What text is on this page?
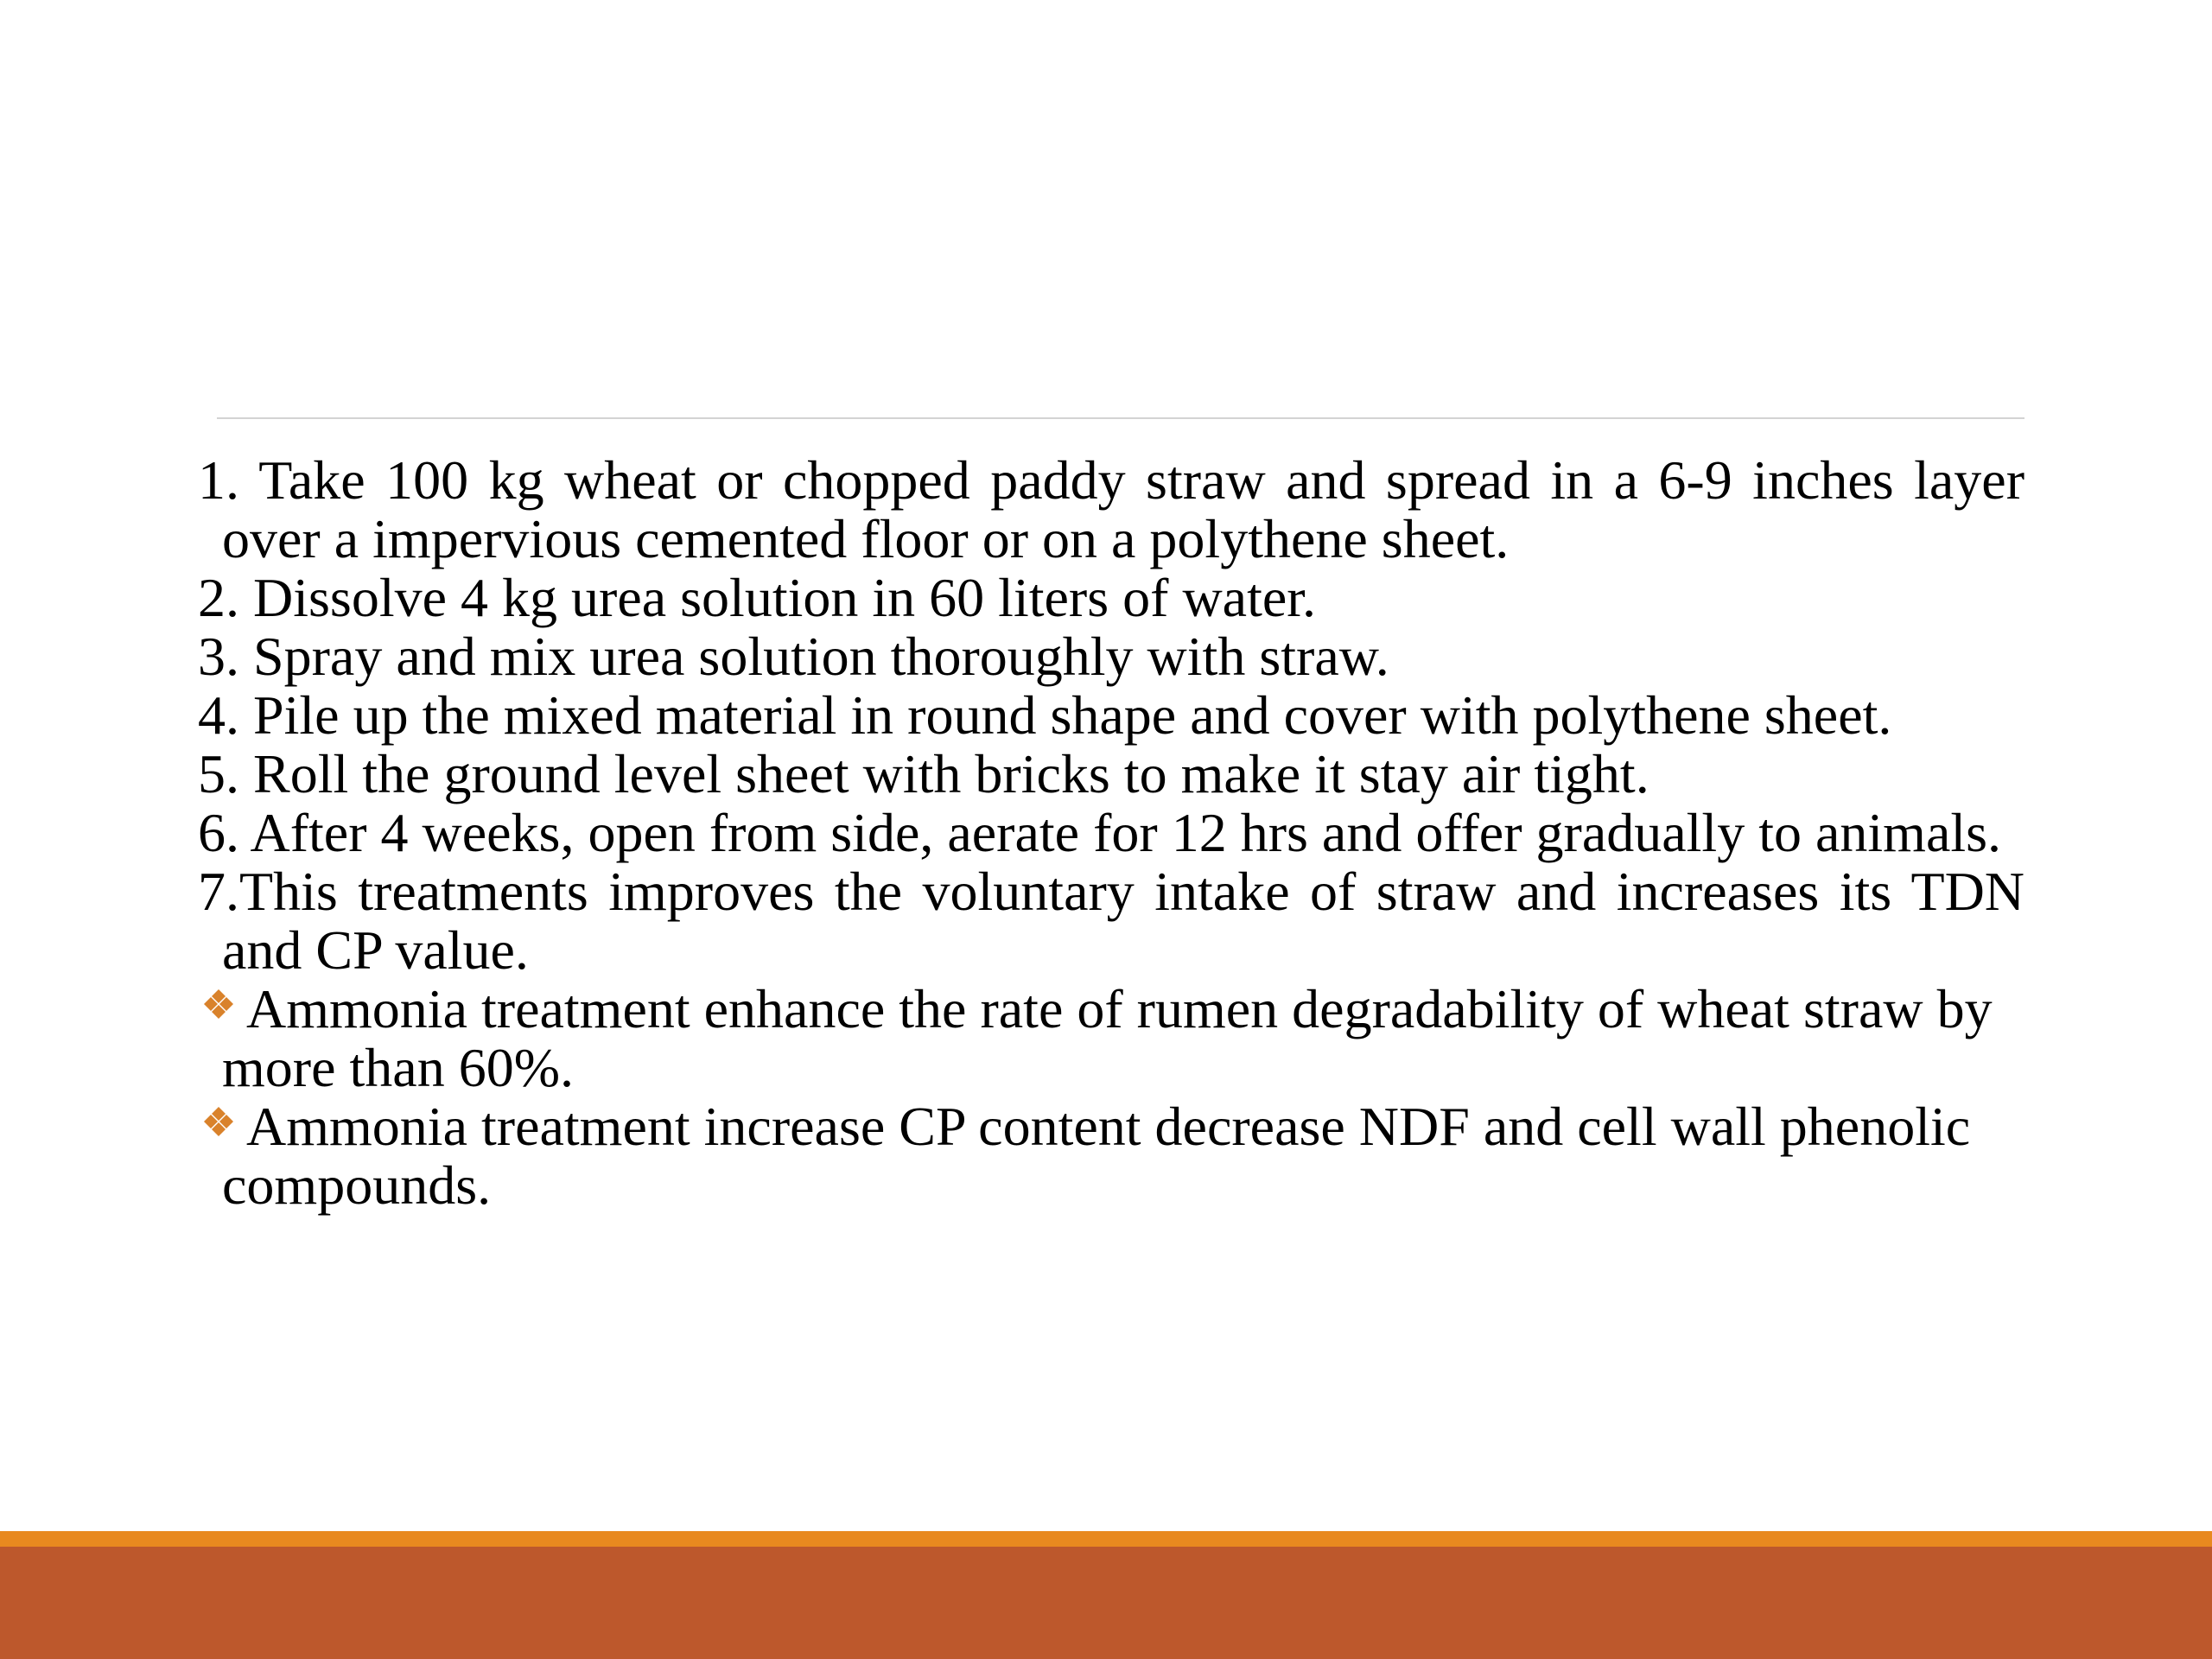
1. Take 100 kg wheat or chopped paddy straw and spread in a 6-9 inches layer over a impervious cemented floor or on a polythene sheet.

2. Dissolve 4 kg urea solution in 60 liters of water.

3. Spray and mix urea solution thoroughly with straw.

4. Pile up the mixed material in round shape and cover with polythene sheet.

5. Roll the ground level sheet with bricks to make it stay air tight.

6. After 4 weeks, open from side, aerate for 12 hrs and offer gradually to animals.

7.This treatments improves the voluntary intake of straw and increases its TDN and CP value.

Ammonia treatment enhance the rate of rumen degradability of wheat straw by more than 60%.

Ammonia treatment increase CP content decrease NDF and cell wall phenolic compounds.
